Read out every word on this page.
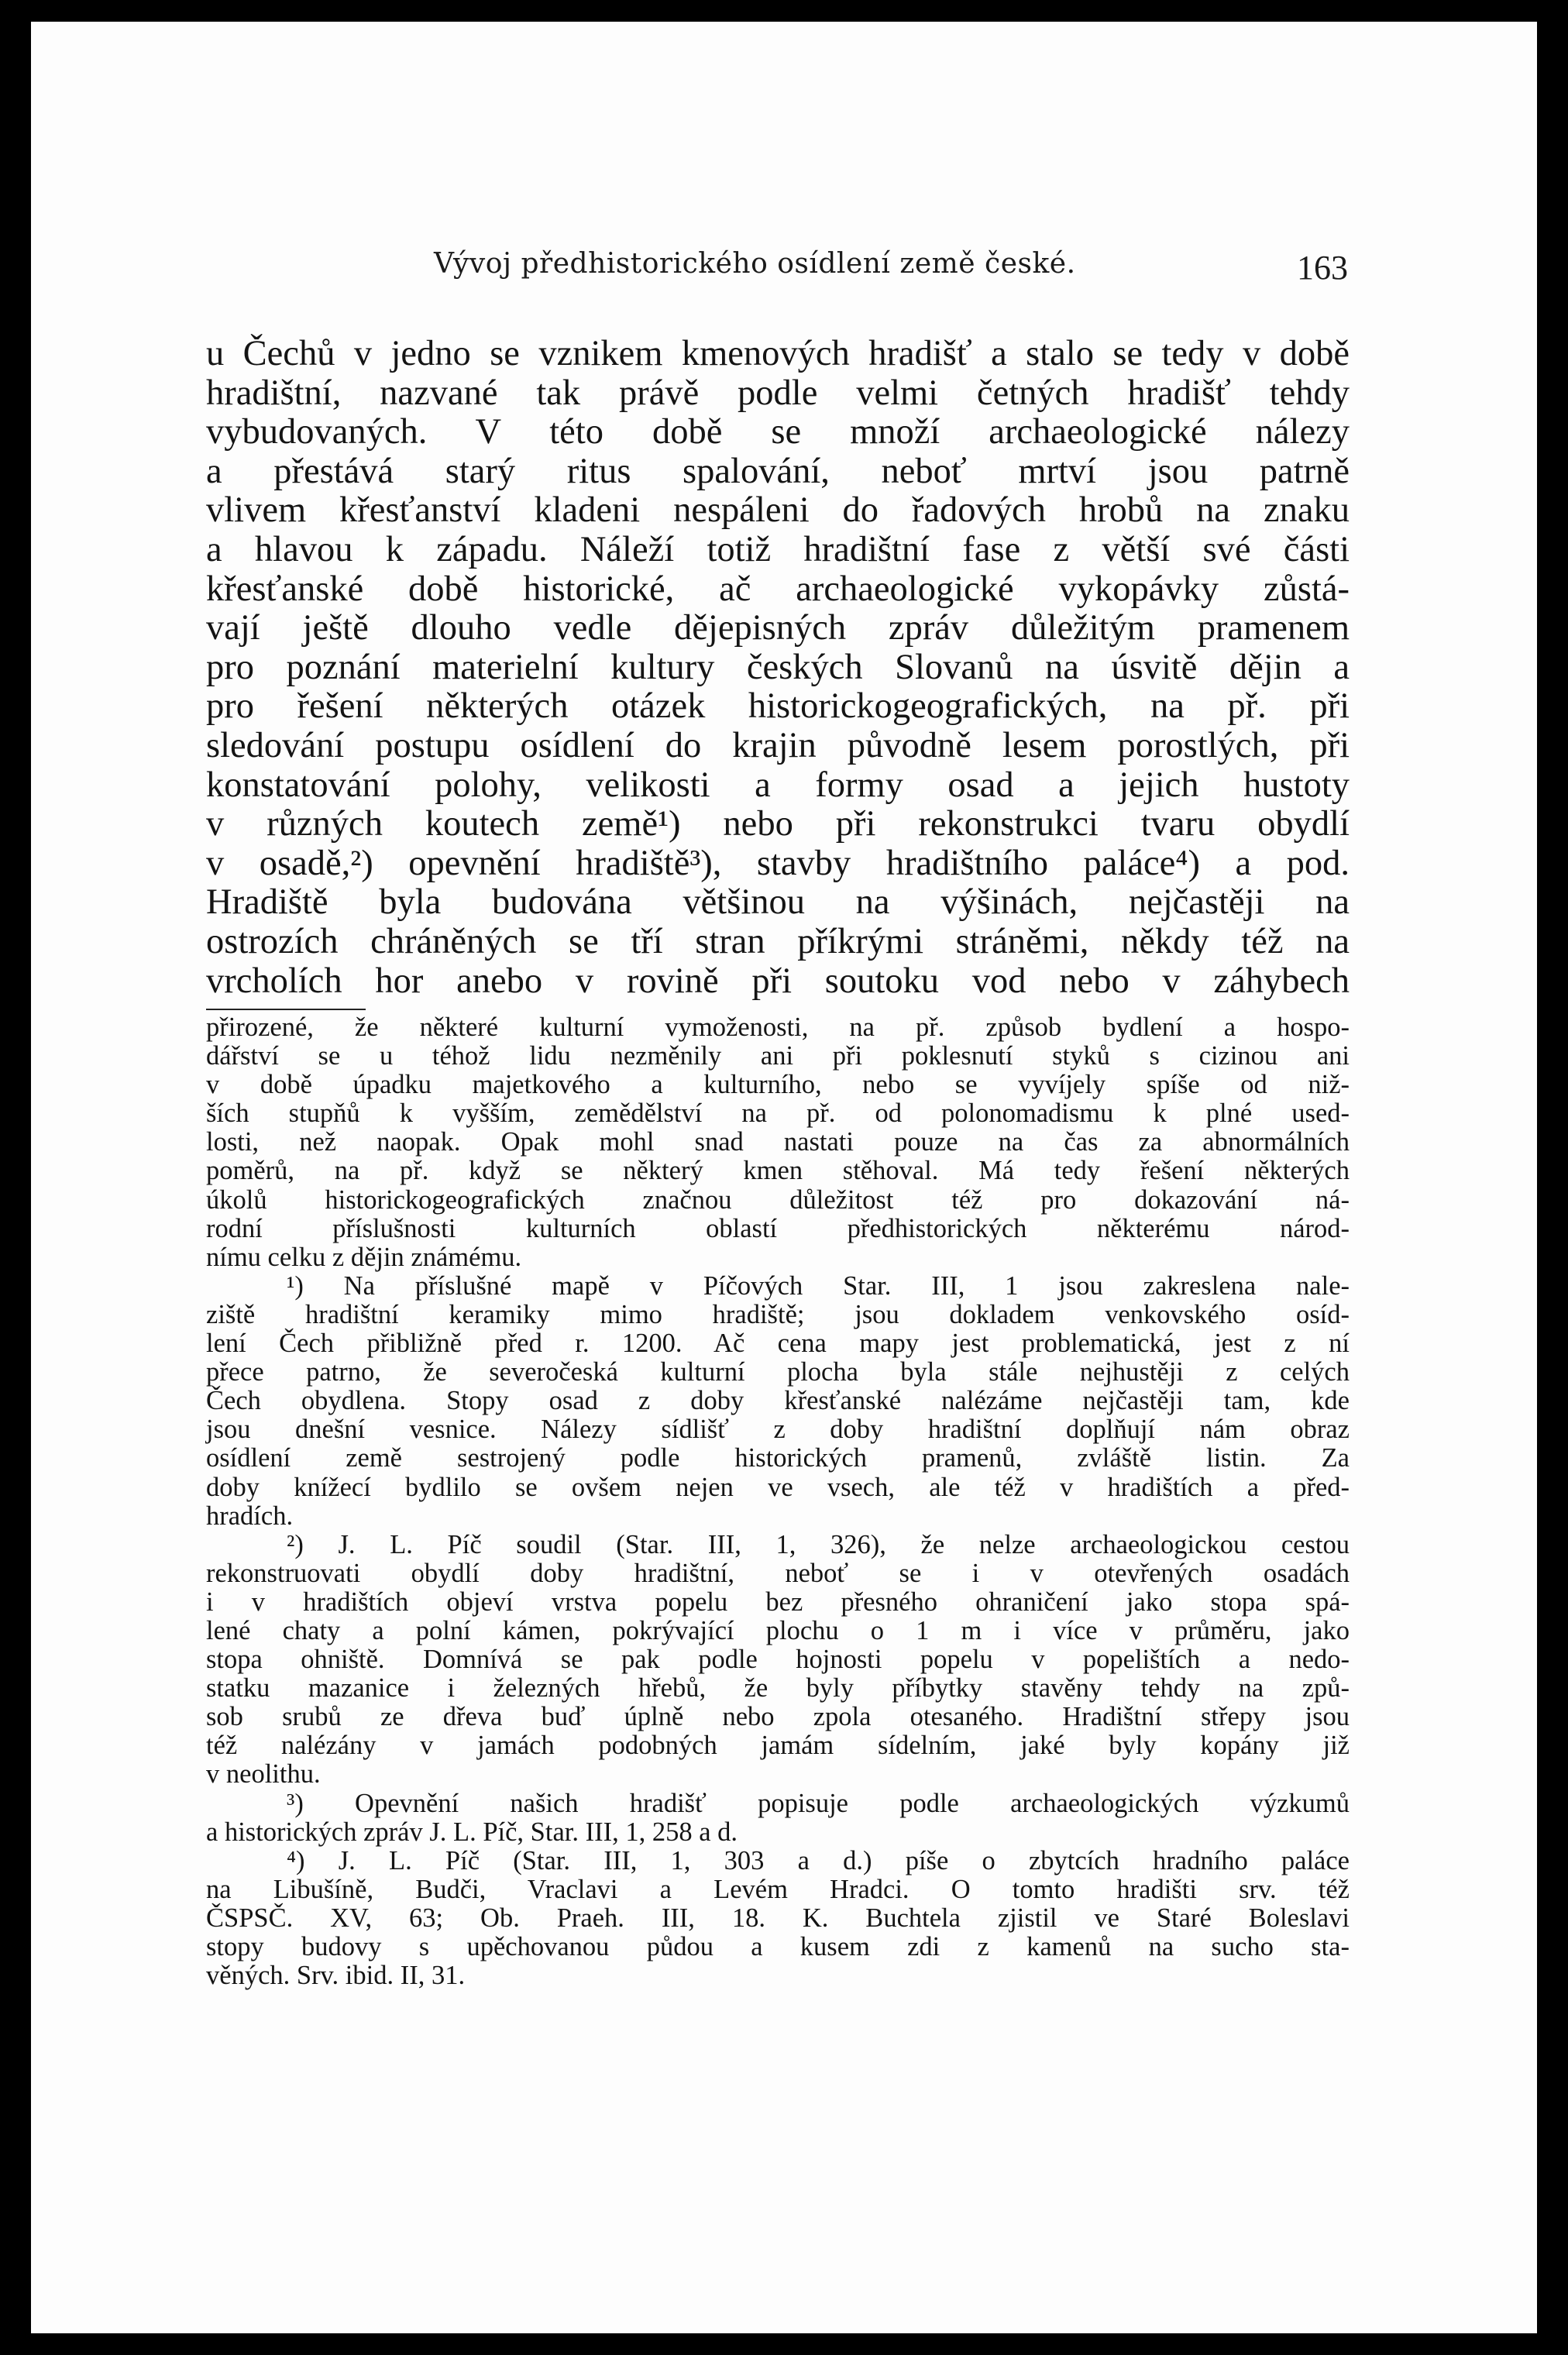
Vývoj předhistorického osídlení země české.	163
u Čechů v jedno se vznikem kmenových hradišť a stalo se tedy v době
hradištní, nazvané tak právě podle velmi četných hradišť tehdy
vybudovaných. V této době se množí archaeologické nálezy
a přestává starý ritus spalování, neboť mrtví jsou patrně
vlivem křesťanství kladeni nespáleni do řadových hrobů na znaku
a hlavou k západu. Náleží totiž hradištní fase z větší své části
křesťanské době historické, ač archaeologické vykopávky zůstá-
vají ještě dlouho vedle dějepisných zpráv důležitým pramenem
pro poznání materielní kultury českých Slovanů na úsvitě dějin a
pro řešení některých otázek historickogeografických, na př. při
sledování postupu osídlení do krajin původně lesem porostlých, při
konstatování polohy, velikosti a formy osad a jejich hustoty
v různých koutech země¹) nebo při rekonstrukci tvaru obydlí
v osadě,²) opevnění hradiště³), stavby hradištního paláce⁴) a pod.
Hradiště byla budována většinou na výšinách, nejčastěji na
ostrozích chráněných se tří stran příkrými stráněmi, někdy též na
vrcholích hor anebo v rovině při soutoku vod nebo v záhybech
přirozené, že některé kulturní vymoženosti, na př. způsob bydlení a hospo-
dářství se u téhož lidu nezměnily ani při poklesnutí styků s cizinou ani
v době úpadku majetkového a kulturního, nebo se vyvíjely spíše od niž-
ších stupňů k vyšším, zemědělství na př. od polonomadismu k plné used-
losti, než naopak. Opak mohl snad nastati pouze na čas za abnormálních
poměrů, na př. když se některý kmen stěhoval. Má tedy řešení některých
úkolů historickogeografických značnou důležitost též pro dokazování ná-
rodní příslušnosti kulturních oblastí předhistorických některému národ-
nímu celku z dějin známému.
¹) Na příslušné mapě v Píčových Star. III, 1 jsou zakreslena nale-
ziště hradištní keramiky mimo hradiště; jsou dokladem venkovského osíd-
lení Čech přibližně před r. 1200. Ač cena mapy jest problematická, jest z ní
přece patrno, že severočeská kulturní plocha byla stále nejhustěji z celých
Čech obydlena. Stopy osad z doby křesťanské nalézáme nejčastěji tam, kde
jsou dnešní vesnice. Nálezy sídlišť z doby hradištní doplňují nám obraz
osídlení země sestrojený podle historických pramenů, zvláště listin. Za
doby knížecí bydlilo se ovšem nejen ve vsech, ale též v hradištích a před-
hradích.
²) J. L. Píč soudil (Star. III, 1, 326), že nelze archaeologickou cestou
rekonstruovati obydlí doby hradištní, neboť se i v otevřených osadách
i v hradištích objeví vrstva popelu bez přesného ohraničení jako stopa spá-
lené chaty a polní kámen, pokrývající plochu o 1 m i více v průměru, jako
stopa ohniště. Domnívá se pak podle hojnosti popelu v popelištích a nedo-
statku mazanice i železných hřebů, že byly příbytky stavěny tehdy na způ-
sob srubů ze dřeva buď úplně nebo zpola otesaného. Hradištní střepy jsou
též nalézány v jamách podobných jamám sídelním, jaké byly kopány již
v neolithu.
³) Opevnění našich hradišť popisuje podle archaeologických výzkumů
a historických zpráv J. L. Píč, Star. III, 1, 258 a d.
⁴) J. L. Píč (Star. III, 1, 303 a d.) píše o zbytcích hradního paláce
na Libušíně, Budči, Vraclavi a Levém Hradci. O tomto hradišti srv. též
ČSPSČ. XV, 63; Ob. Praeh. III, 18. K. Buchtela zjistil ve Staré Boleslavi
stopy budovy s upěchovanou půdou a kusem zdi z kamenů na sucho sta-
věných. Srv. ibid. II, 31.
